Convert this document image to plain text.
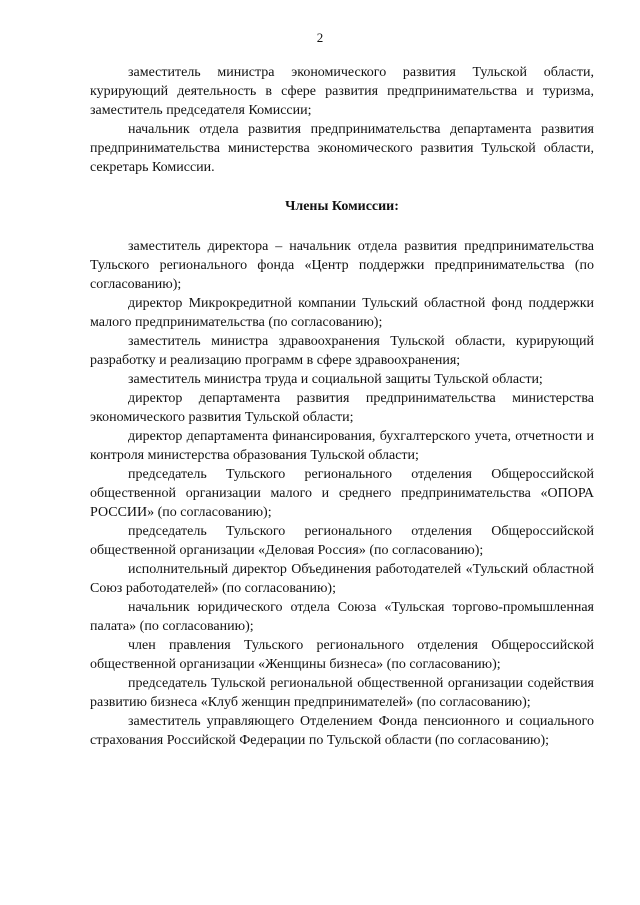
2

заместитель министра экономического развития Тульской области, курирующий деятельность в сфере развития предпринимательства и туризма, заместитель председателя Комиссии;

начальник отдела развития предпринимательства департамента развития предпринимательства министерства экономического развития Тульской области, секретарь Комиссии.

Члены Комиссии:

заместитель директора – начальник отдела развития предпринимательства Тульского регионального фонда «Центр поддержки предпринимательства (по согласованию);

директор Микрокредитной компании Тульский областной фонд поддержки малого предпринимательства (по согласованию);

заместитель министра здравоохранения Тульской области, курирующий разработку и реализацию программ в сфере здравоохранения;

заместитель министра труда и социальной защиты Тульской области;

директор департамента развития предпринимательства министерства экономического развития Тульской области;

директор департамента финансирования, бухгалтерского учета, отчетности и контроля министерства образования Тульской области;

председатель Тульского регионального отделения Общероссийской общественной организации малого и среднего предпринимательства «ОПОРА РОССИИ» (по согласованию);

председатель Тульского регионального отделения Общероссийской общественной организации «Деловая Россия» (по согласованию);

исполнительный директор Объединения работодателей «Тульский областной Союз работодателей» (по согласованию);

начальник юридического отдела Союза «Тульская торгово-промышленная палата» (по согласованию);

член правления Тульского регионального отделения Общероссийской общественной организации «Женщины бизнеса» (по согласованию);

председатель Тульской региональной общественной организации содействия развитию бизнеса «Клуб женщин предпринимателей» (по согласованию);

заместитель управляющего Отделением Фонда пенсионного и социального страхования Российской Федерации по Тульской области (по согласованию);
